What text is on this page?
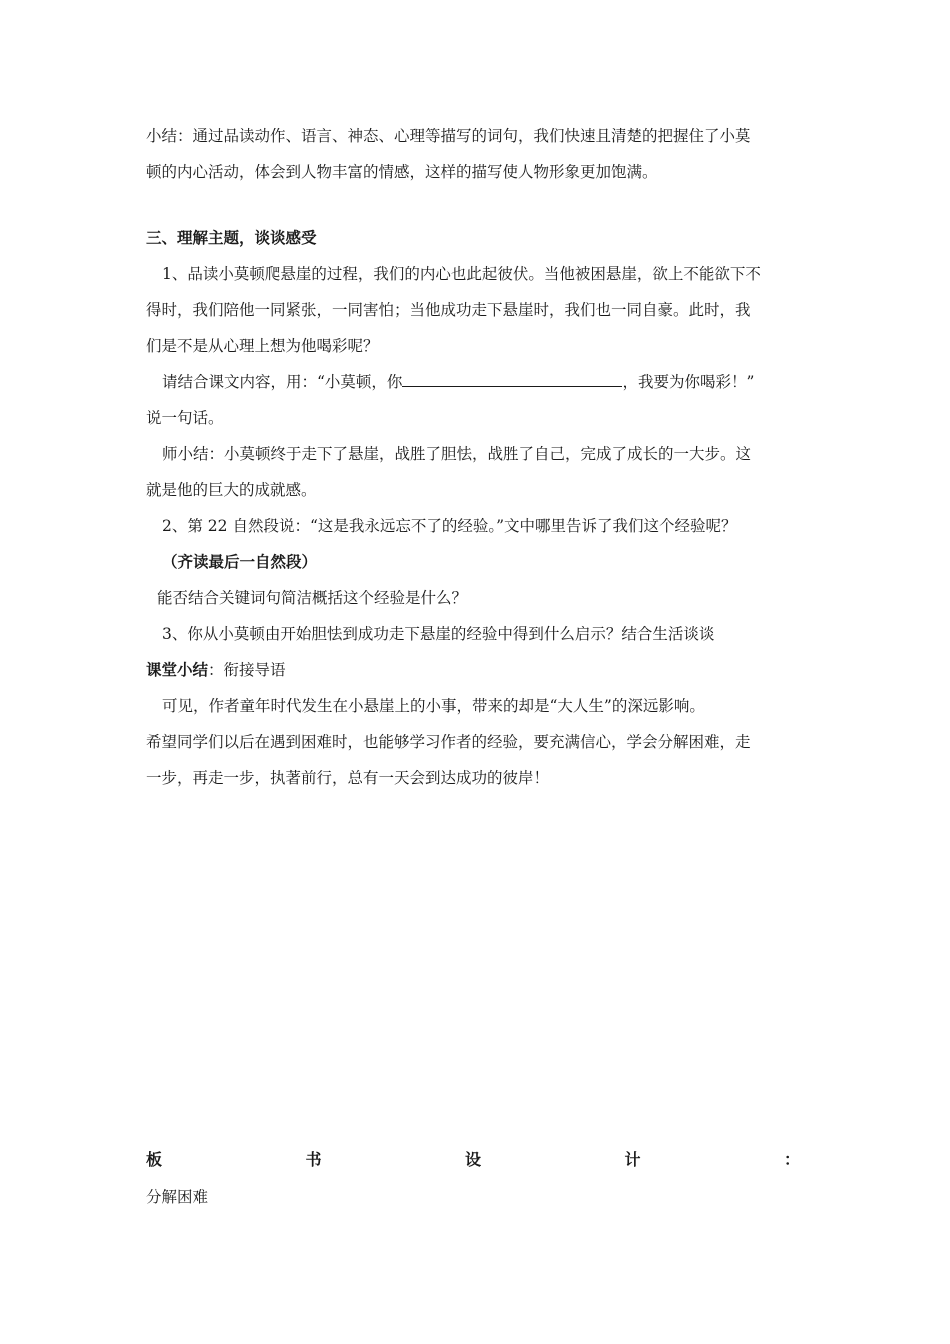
小结：通过品读动作、语言、神态、心理等描写的词句，我们快速且清楚的把握住了小莫

顿的内心活动，体会到人物丰富的情感，这样的描写使人物形象更加饱满。

三、理解主题，谈谈感受

1、品读小莫顿爬悬崖的过程，我们的内心也此起彼伏。当他被困悬崖，欲上不能欲下不

得时，我们陪他一同紧张，一同害怕；当他成功走下悬崖时，我们也一同自豪。此时，我

们是不是从心理上想为他喝彩呢？

请结合课文内容，用：“小莫顿，你	，我要为你喝彩！”

说一句话。

师小结：小莫顿终于走下了悬崖，战胜了胆怯，战胜了自己，完成了成长的一大步。这

就是他的巨大的成就感。

2、第 22 自然段说：“这是我永远忘不了的经验。”文中哪里告诉了我们这个经验呢？

（齐读最后一自然段）

能否结合关键词句简洁概括这个经验是什么？

3、你从小莫顿由开始胆怯到成功走下悬崖的经验中得到什么启示？结合生活谈谈

课堂小结：衔接导语

可见，作者童年时代发生在小悬崖上的小事，带来的却是“大人生”的深远影响。

希望同学们以后在遇到困难时，也能够学习作者的经验，要充满信心，学会分解困难，走

一步，再走一步，执著前行，总有一天会到达成功的彼岸！

板	书	设	计	：
分解困难
